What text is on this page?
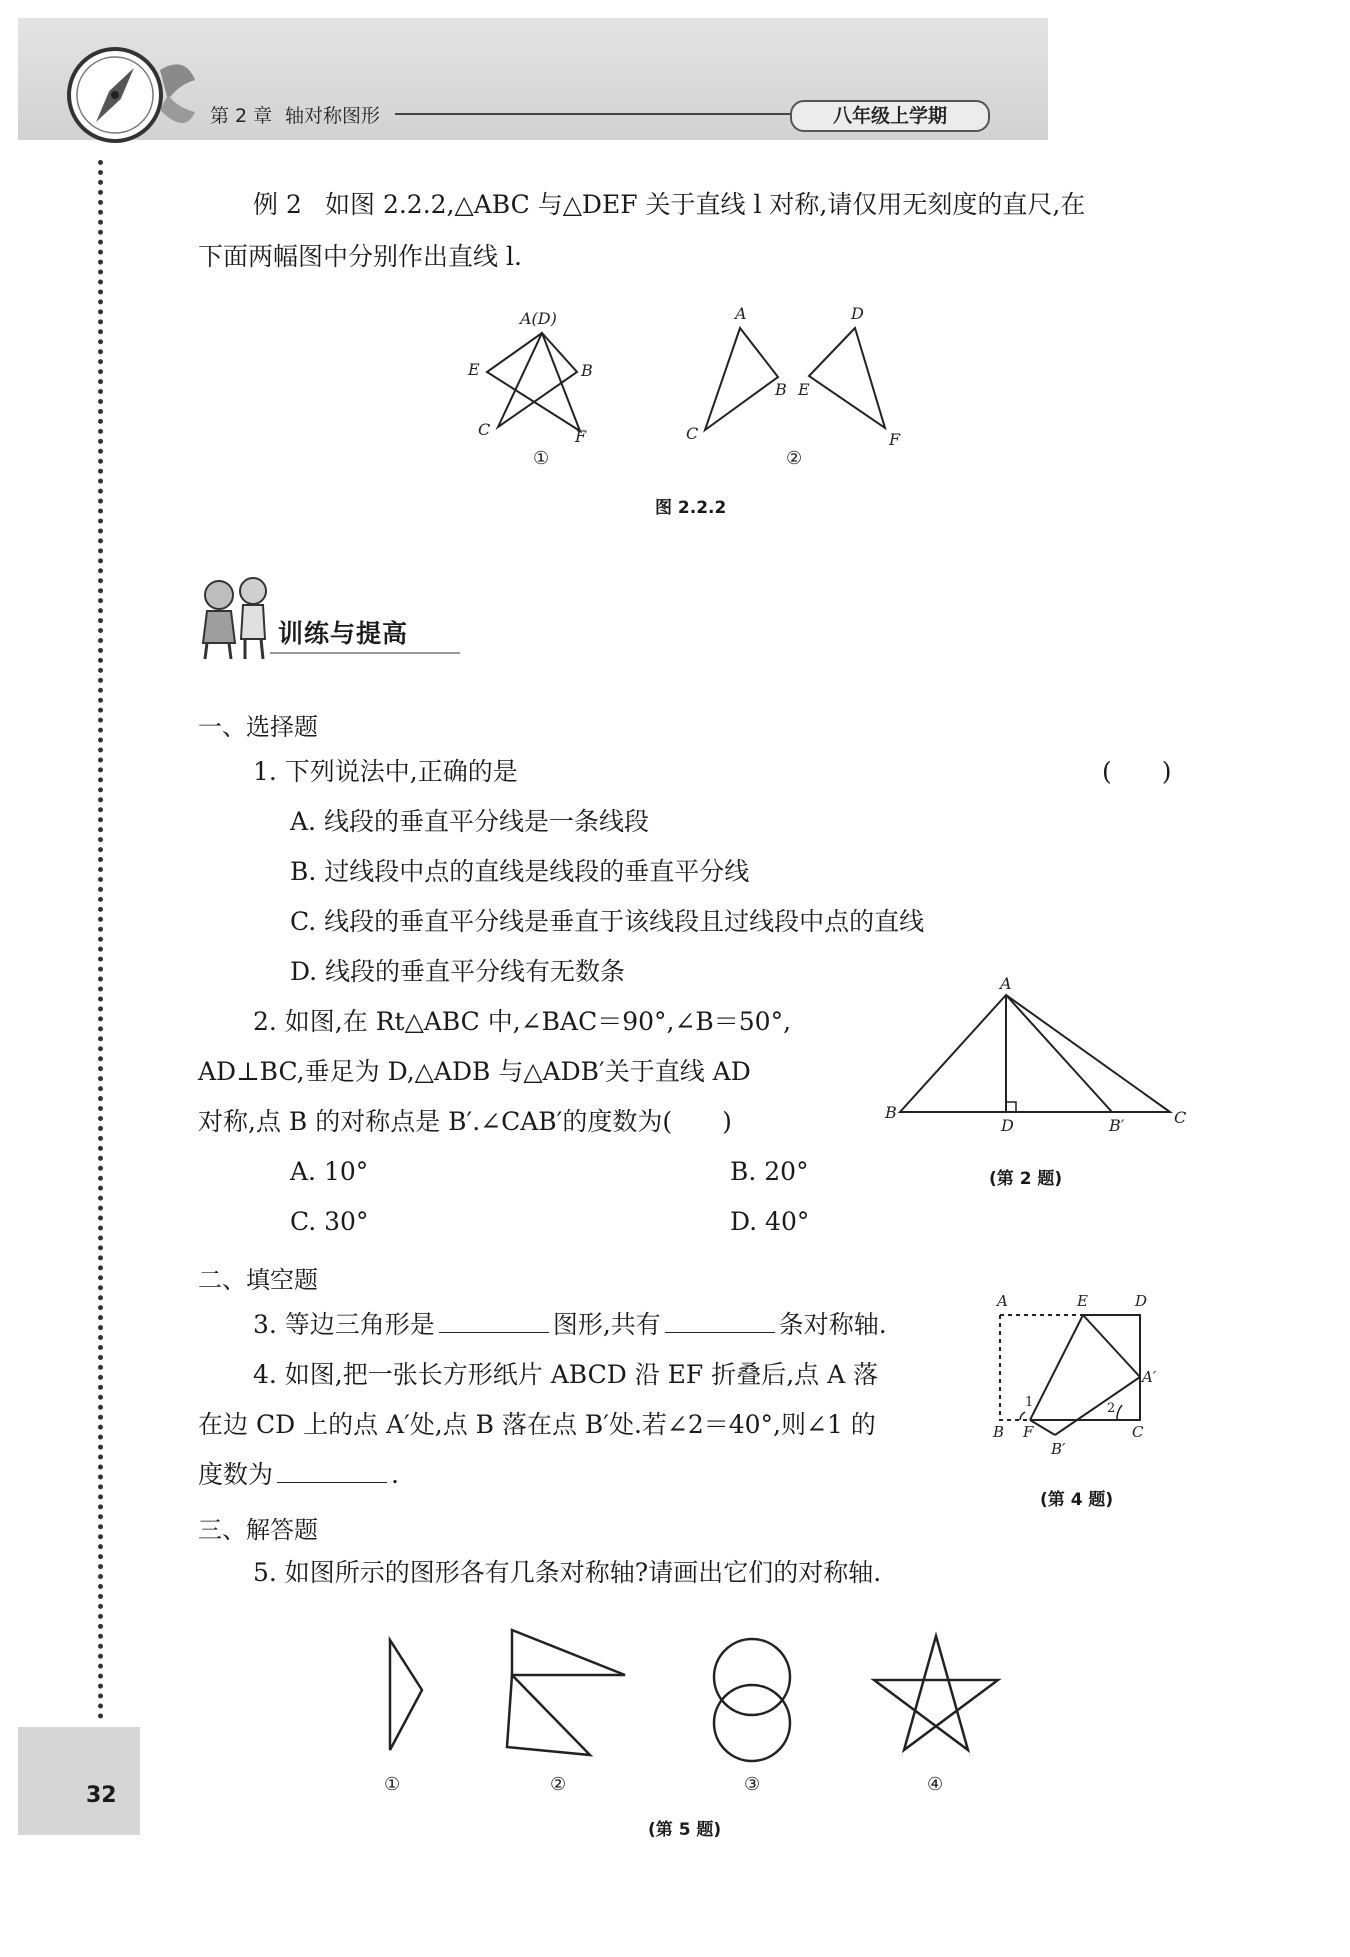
第 2 章 轴对称图形	八年级上学期
32
例 2 如图 2.2.2,△ABC 与△DEF 关于直线 l 对称,请仅用无刻度的直尺,在
下面两幅图中分别作出直线 l.
A(D)
E	B
C	F
A
B
C
D
E
F
①	②
图 2.2.2
训练与提高
一、选择题
1. 下列说法中,正确的是	(　　)
A. 线段的垂直平分线是一条线段
B. 过线段中点的直线是线段的垂直平分线
C. 线段的垂直平分线是垂直于该线段且过线段中点的直线
D. 线段的垂直平分线有无数条
2. 如图,在 Rt△ABC 中,∠BAC＝90°,∠B＝50°,
AD⊥BC,垂足为 D,△ADB 与△ADB′关于直线 AD
对称,点 B 的对称点是 B′.∠CAB′的度数为(　　)
A. 10°	B. 20°
C. 30°	D. 40°
A
B	C
D	B′
(第 2 题)
二、填空题
3. 等边三角形是	图形,共有	条对称轴.
4. 如图,把一张长方形纸片 ABCD 沿 EF 折叠后,点 A 落
在边 CD 上的点 A′处,点 B 落在点 B′处.若∠2＝40°,则∠1 的
度数为	.
A	E	D
A′
B F	C
B′
1	2
(第 4 题)
三、解答题
5. 如图所示的图形各有几条对称轴?请画出它们的对称轴.
①	②	③	④
(第 5 题)
